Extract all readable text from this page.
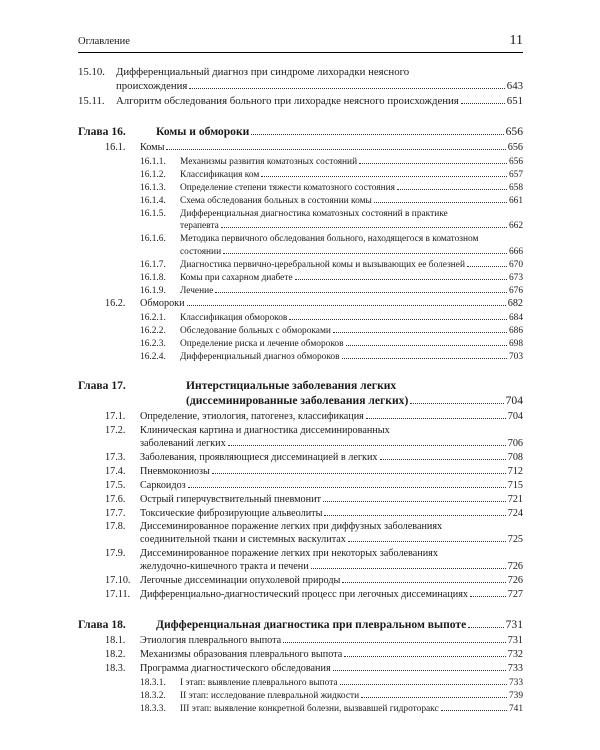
Оглавление	11
15.10. Дифференциальный диагноз при синдроме лихорадки неясного
происхождения	643
15.11. Алгоритм обследования больного при лихорадке неясного происхождения	651
Глава 16.	Комы и обмороки	656
16.1. Комы	656
16.1.1. Механизмы развития коматозных состояний	656
16.1.2. Классификация ком	657
16.1.3. Определение степени тяжести коматозного состояния	658
16.1.4. Схема обследования больных в состоянии комы	661
16.1.5. Дифференциальная диагностика коматозных состояний в практике
терапевта	662
16.1.6. Методика первичного обследования больного, находящегося в коматозном
состоянии	666
16.1.7. Диагностика первично-церебральной комы и вызывающих ее болезней	670
16.1.8. Комы при сахарном диабете	673
16.1.9. Лечение	676
16.2. Обмороки	682
16.2.1. Классификация обмороков	684
16.2.2. Обследование больных с обмороками	686
16.2.3. Определение риска и лечение обмороков	698
16.2.4. Дифференциальный диагноз обмороков	703
Глава 17.	Интерстициальные заболевания легких
(диссеминированные заболевания легких)	704
17.1. Определение, этиология, патогенез, классификация	704
17.2. Клиническая картина и диагностика диссеминированных
заболеваний легких	706
17.3. Заболевания, проявляющиеся диссеминацией в легких	708
17.4. Пневмокониозы	712
17.5. Саркоидоз	715
17.6. Острый гиперчувствительный пневмонит	721
17.7. Токсические фиброзирующие альвеолиты	724
17.8. Диссеминированное поражение легких при диффузных заболеваниях
соединительной ткани и системных васкулитах	725
17.9. Диссеминированное поражение легких при некоторых заболеваниях
желудочно-кишечного тракта и печени	726
17.10. Легочные диссеминации опухолевой природы	726
17.11. Дифференциально-диагностический процесс при легочных диссеминациях	727
Глава 18.	Дифференциальная диагностика при плевральном выпоте	731
18.1. Этиология плеврального выпота	731
18.2. Механизмы образования плеврального выпота	732
18.3. Программа диагностического обследования	733
18.3.1. I этап: выявление плеврального выпота	733
18.3.2. II этап: исследование плевральной жидкости	739
18.3.3. III этап: выявление конкретной болезни, вызвавшей гидроторакс	741
